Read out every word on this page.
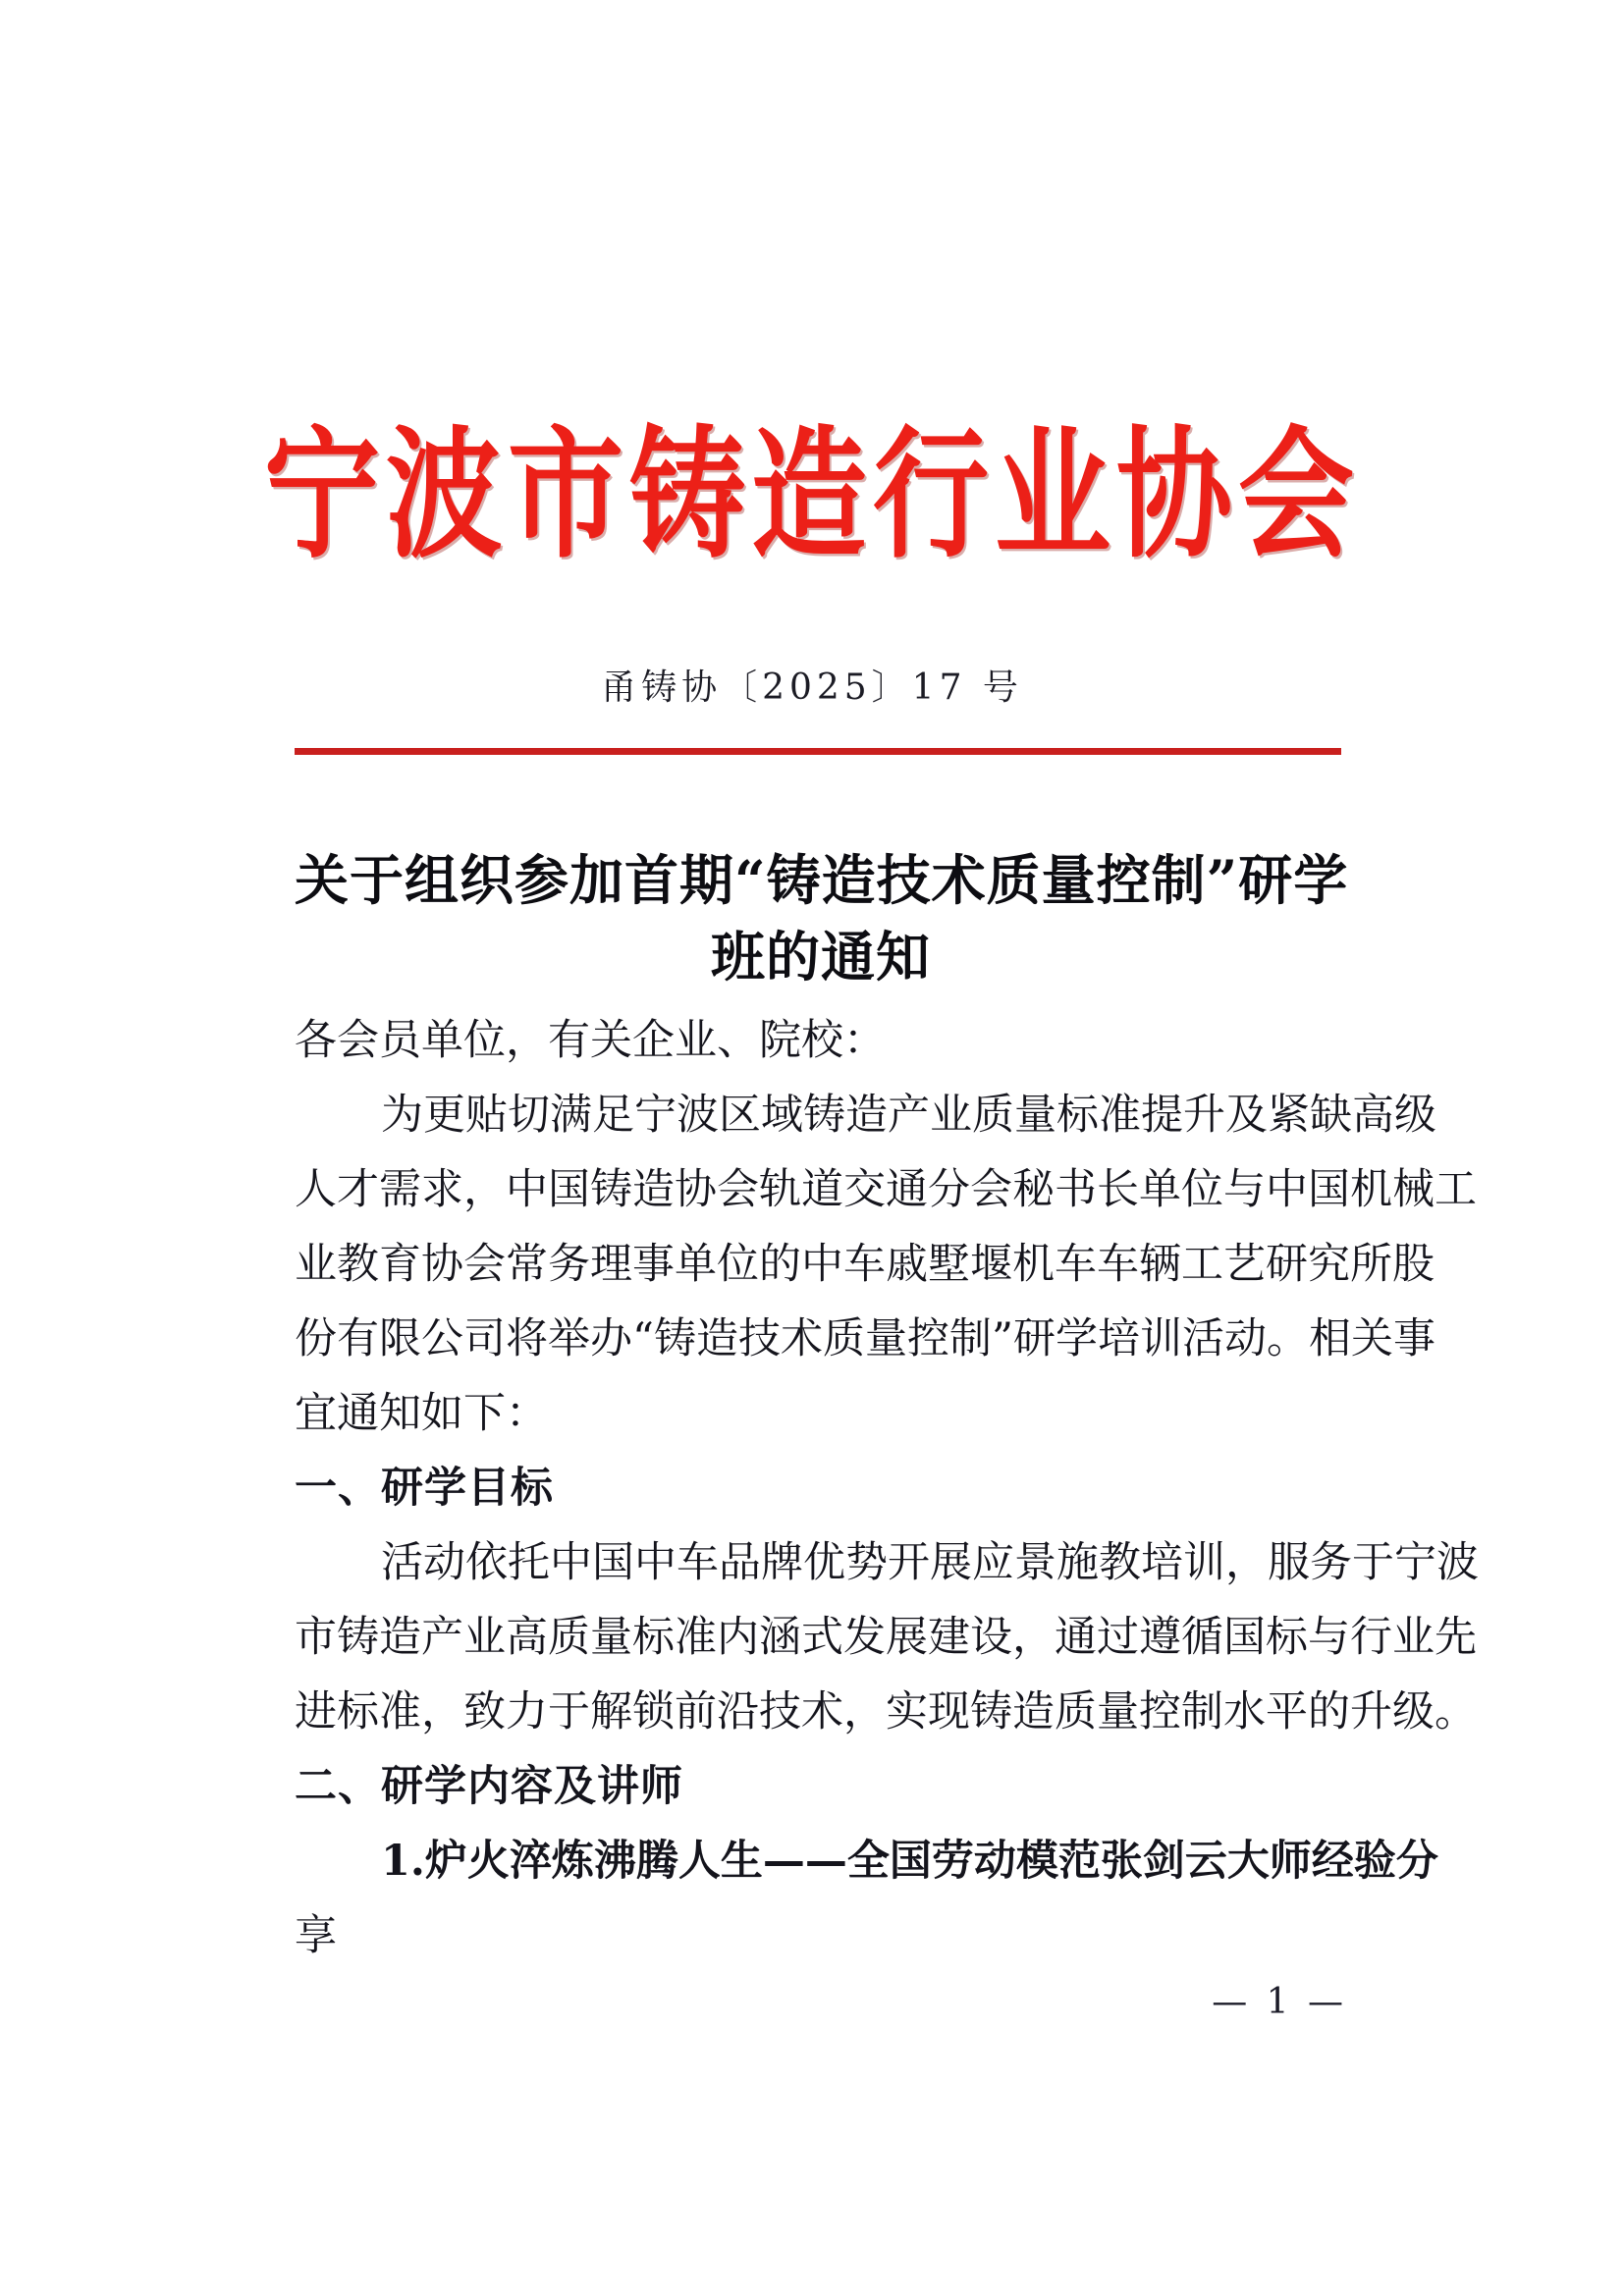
宁波市铸造行业协会
甬铸协〔2025〕17 号
关于组织参加首期“铸造技术质量控制”研学
班的通知
各会员单位，有关企业、院校：
为更贴切满足宁波区域铸造产业质量标准提升及紧缺高级
人才需求，中国铸造协会轨道交通分会秘书长单位与中国机械工
业教育协会常务理事单位的中车戚墅堰机车车辆工艺研究所股
份有限公司将举办“铸造技术质量控制”研学培训活动。相关事
宜通知如下：
一、研学目标
活动依托中国中车品牌优势开展应景施教培训，服务于宁波
市铸造产业高质量标准内涵式发展建设，通过遵循国标与行业先
进标准，致力于解锁前沿技术，实现铸造质量控制水平的升级。
二、研学内容及讲师
1.炉火淬炼沸腾人生——全国劳动模范张剑云大师经验分
享
— 1 —
